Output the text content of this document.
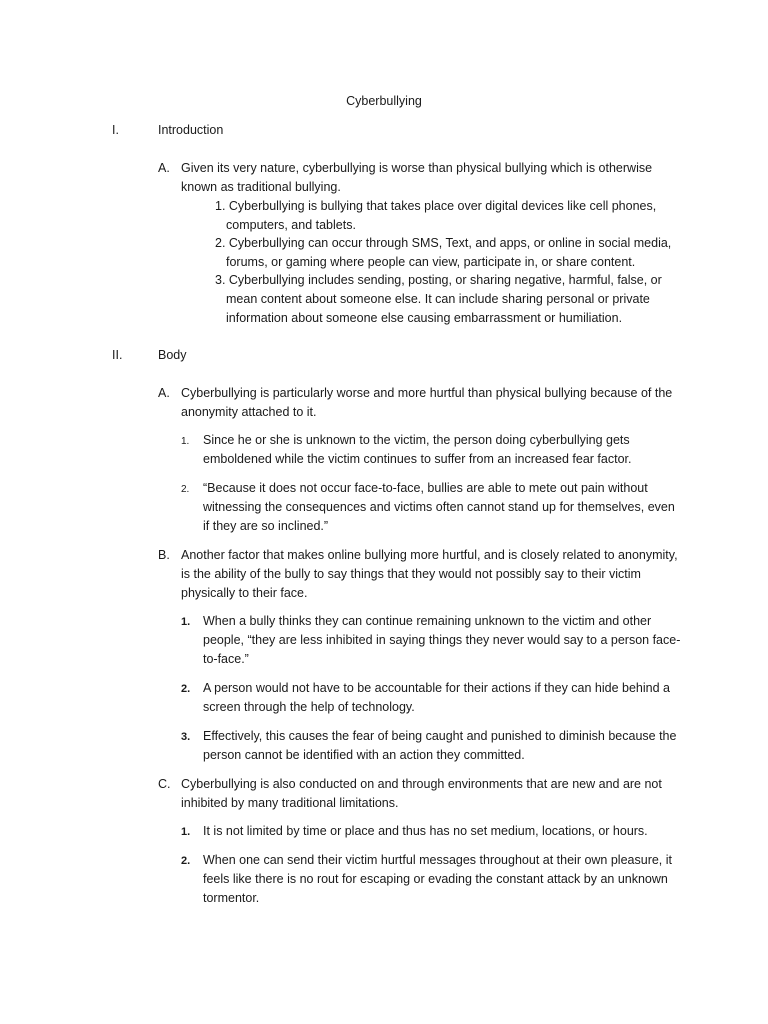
Cyberbullying
I.	Introduction
A. Given its very nature, cyberbullying is worse than physical bullying which is otherwise known as traditional bullying.
1. Cyberbullying is bullying that takes place over digital devices like cell phones, computers, and tablets.
2. Cyberbullying can occur through SMS, Text, and apps, or online in social media, forums, or gaming where people can view, participate in, or share content.
3. Cyberbullying includes sending, posting, or sharing negative, harmful, false, or mean content about someone else. It can include sharing personal or private information about someone else causing embarrassment or humiliation.
II.	Body
A. Cyberbullying is particularly worse and more hurtful than physical bullying because of the anonymity attached to it.
1. Since he or she is unknown to the victim, the person doing cyberbullying gets emboldened while the victim continues to suffer from an increased fear factor.
2. “Because it does not occur face-to-face, bullies are able to mete out pain without witnessing the consequences and victims often cannot stand up for themselves, even if they are so inclined.”
B. Another factor that makes online bullying more hurtful, and is closely related to anonymity, is the ability of the bully to say things that they would not possibly say to their victim physically to their face.
1. When a bully thinks they can continue remaining unknown to the victim and other people, “they are less inhibited in saying things they never would say to a person face-to-face.”
2. A person would not have to be accountable for their actions if they can hide behind a screen through the help of technology.
3. Effectively, this causes the fear of being caught and punished to diminish because the person cannot be identified with an action they committed.
C. Cyberbullying is also conducted on and through environments that are new and are not inhibited by many traditional limitations.
1. It is not limited by time or place and thus has no set medium, locations, or hours.
2. When one can send their victim hurtful messages throughout at their own pleasure, it feels like there is no rout for escaping or evading the constant attack by an unknown tormentor.
